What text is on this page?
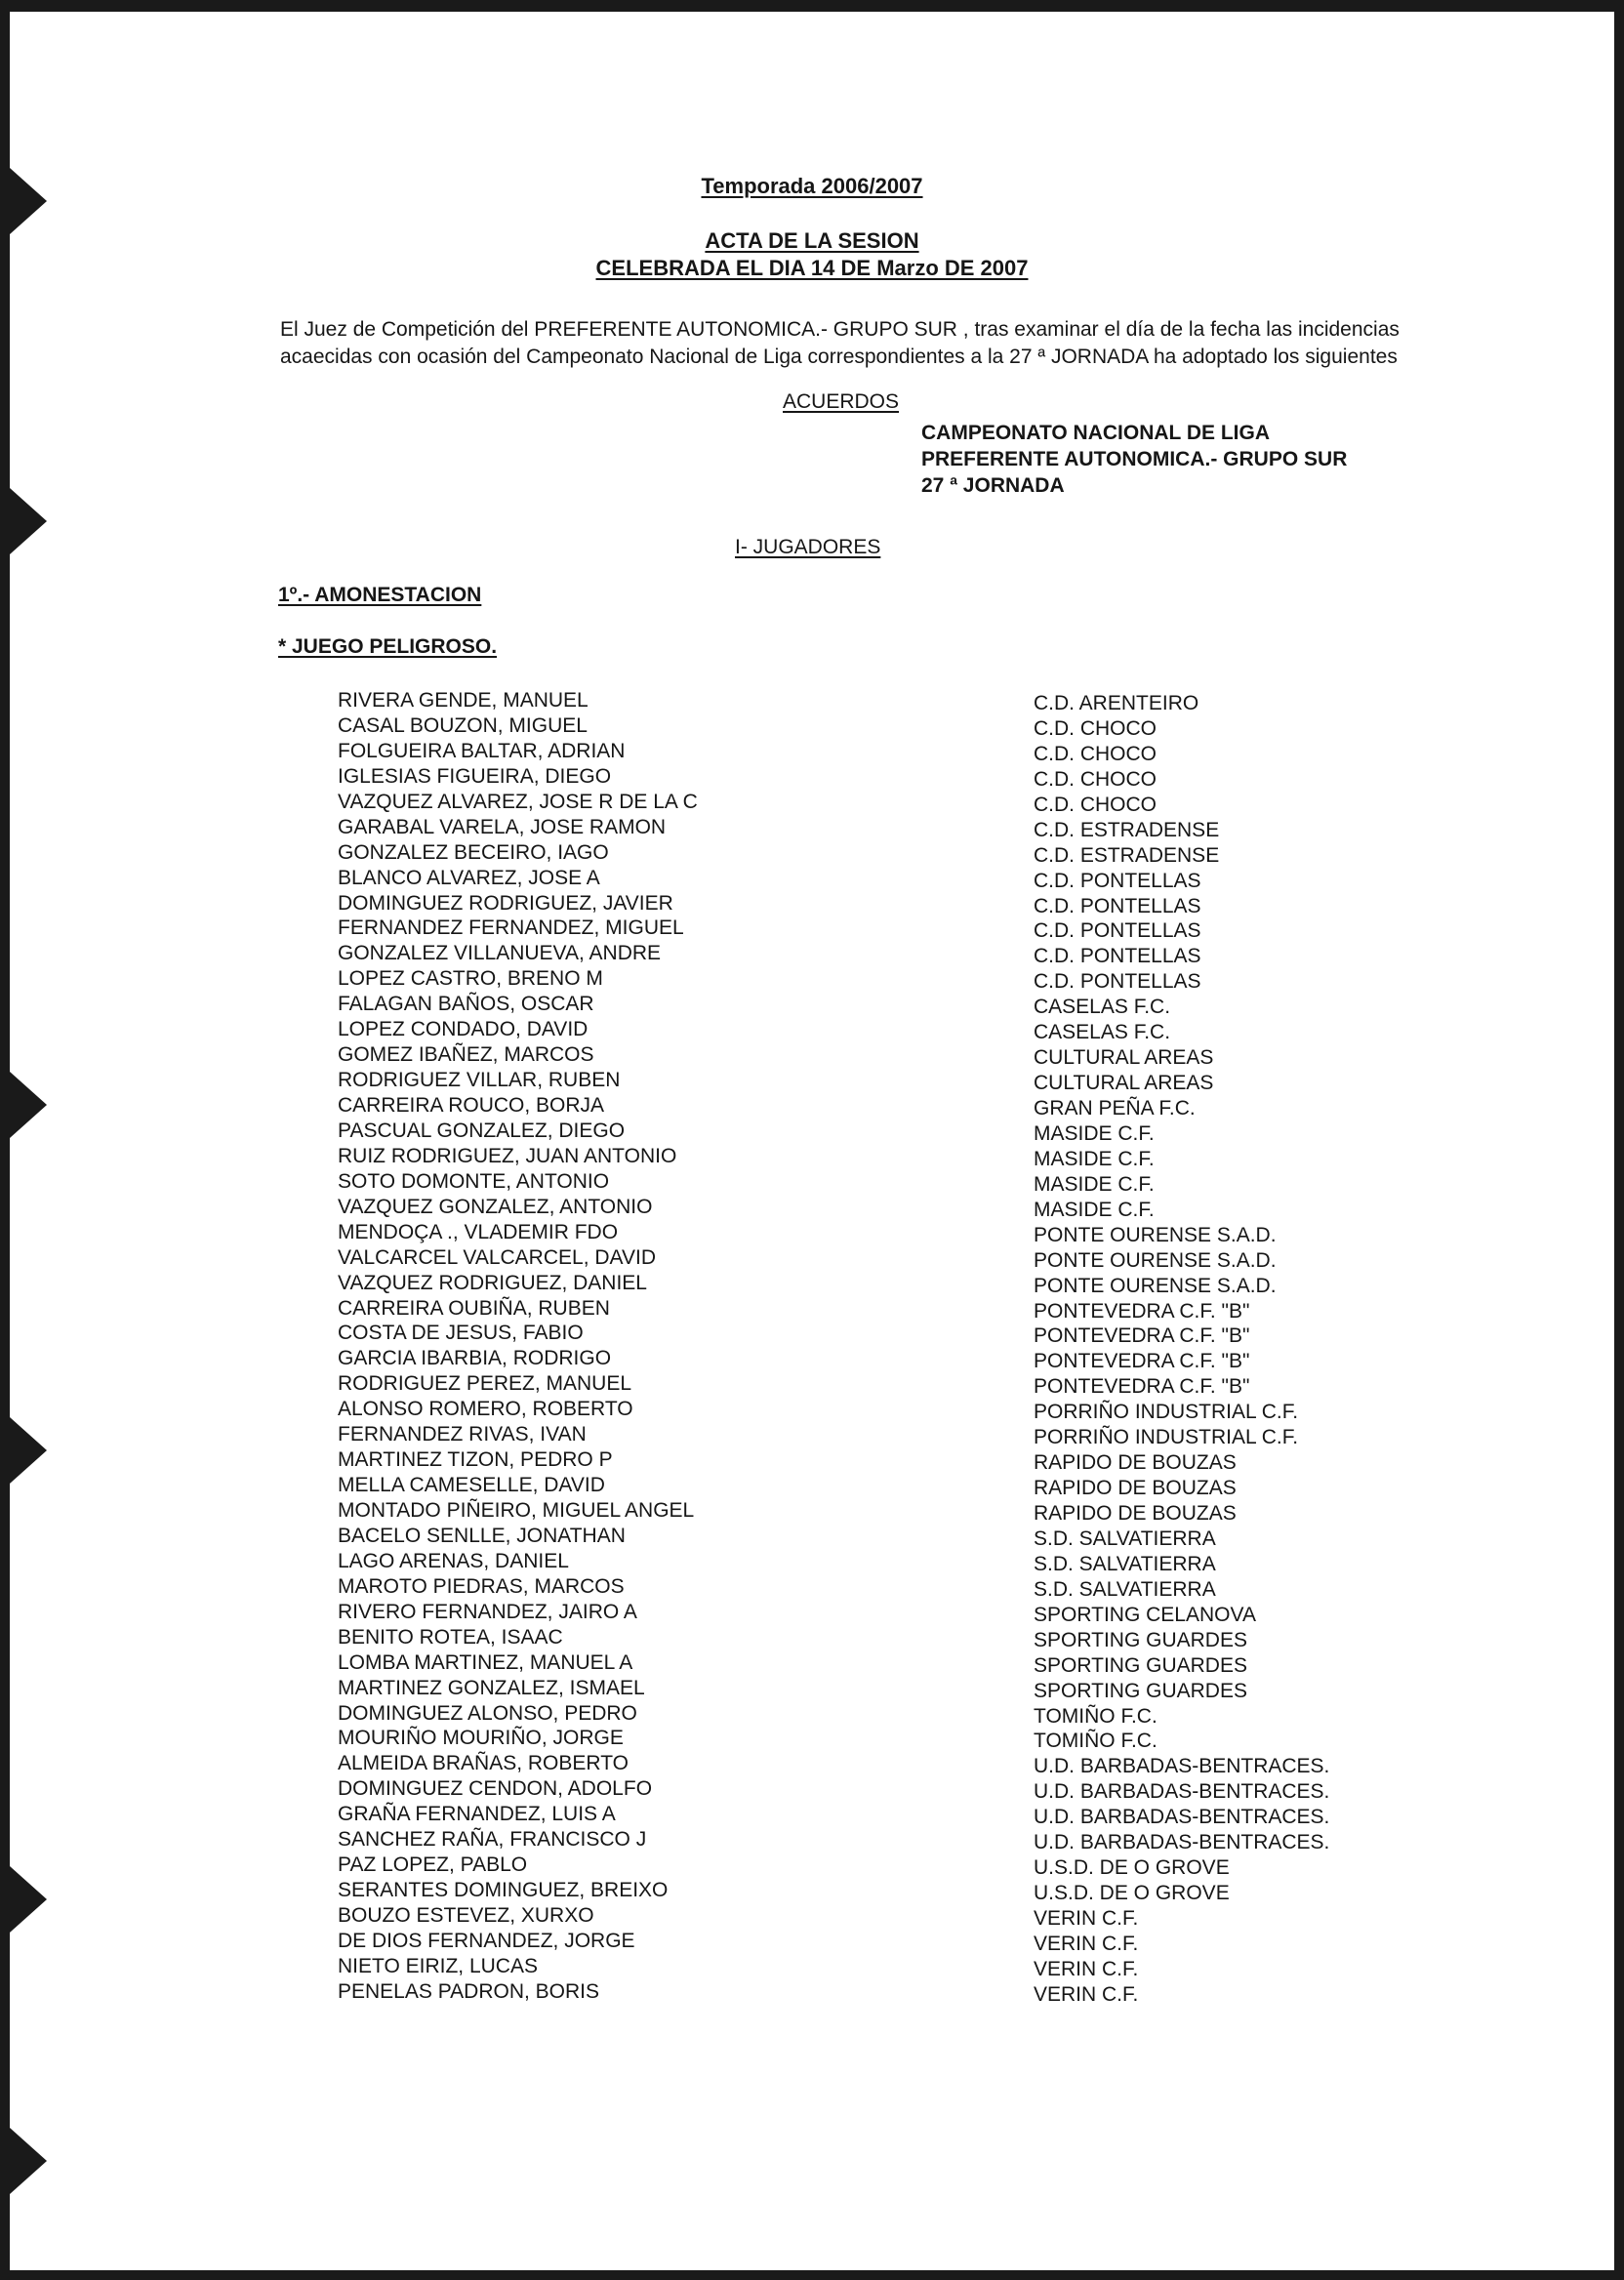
Temporada 2006/2007
ACTA DE LA SESION
CELEBRADA EL DIA 14 DE Marzo DE 2007
El Juez de Competición del PREFERENTE AUTONOMICA.- GRUPO SUR , tras examinar el día de la fecha las incidencias acaecidas con ocasión del Campeonato Nacional de Liga correspondientes a la 27 ª JORNADA ha adoptado los siguientes
ACUERDOS
CAMPEONATO NACIONAL DE LIGA
PREFERENTE AUTONOMICA.- GRUPO SUR
27 ª JORNADA
I- JUGADORES
1º.- AMONESTACION
* JUEGO PELIGROSO.
RIVERA GENDE, MANUEL	C.D. ARENTEIRO
CASAL BOUZON, MIGUEL	C.D. CHOCO
FOLGUEIRA BALTAR, ADRIAN	C.D. CHOCO
IGLESIAS FIGUEIRA, DIEGO	C.D. CHOCO
VAZQUEZ ALVAREZ, JOSE R DE LA C	C.D. CHOCO
GARABAL VARELA, JOSE RAMON	C.D. ESTRADENSE
GONZALEZ BECEIRO, IAGO	C.D. ESTRADENSE
BLANCO ALVAREZ, JOSE A	C.D. PONTELLAS
DOMINGUEZ RODRIGUEZ, JAVIER	C.D. PONTELLAS
FERNANDEZ FERNANDEZ, MIGUEL	C.D. PONTELLAS
GONZALEZ VILLANUEVA, ANDRE	C.D. PONTELLAS
LOPEZ CASTRO, BRENO M	C.D. PONTELLAS
FALAGAN BAÑOS, OSCAR	CASELAS F.C.
LOPEZ CONDADO, DAVID	CASELAS F.C.
GOMEZ IBAÑEZ, MARCOS	CULTURAL AREAS
RODRIGUEZ VILLAR, RUBEN	CULTURAL AREAS
CARREIRA ROUCO, BORJA	GRAN PEÑA F.C.
PASCUAL GONZALEZ, DIEGO	MASIDE C.F.
RUIZ RODRIGUEZ, JUAN ANTONIO	MASIDE C.F.
SOTO DOMONTE, ANTONIO	MASIDE C.F.
VAZQUEZ GONZALEZ, ANTONIO	MASIDE C.F.
MENDOÇA ., VLADEMIR FDO	PONTE OURENSE S.A.D.
VALCARCEL VALCARCEL, DAVID	PONTE OURENSE S.A.D.
VAZQUEZ RODRIGUEZ, DANIEL	PONTE OURENSE S.A.D.
CARREIRA OUBIÑA, RUBEN	PONTEVEDRA C.F. "B"
COSTA DE JESUS, FABIO	PONTEVEDRA C.F. "B"
GARCIA IBARBIA, RODRIGO	PONTEVEDRA C.F. "B"
RODRIGUEZ PEREZ, MANUEL	PONTEVEDRA C.F. "B"
ALONSO ROMERO, ROBERTO	PORRIÑO INDUSTRIAL C.F.
FERNANDEZ RIVAS, IVAN	PORRIÑO INDUSTRIAL C.F.
MARTINEZ TIZON, PEDRO P	RAPIDO DE BOUZAS
MELLA CAMESELLE, DAVID	RAPIDO DE BOUZAS
MONTADO PIÑEIRO, MIGUEL ANGEL	RAPIDO DE BOUZAS
BACELO SENLLE, JONATHAN	S.D. SALVATIERRA
LAGO ARENAS, DANIEL	S.D. SALVATIERRA
MAROTO PIEDRAS, MARCOS	S.D. SALVATIERRA
RIVERO FERNANDEZ, JAIRO A	SPORTING CELANOVA
BENITO ROTEA, ISAAC	SPORTING GUARDES
LOMBA MARTINEZ, MANUEL A	SPORTING GUARDES
MARTINEZ GONZALEZ, ISMAEL	SPORTING GUARDES
DOMINGUEZ ALONSO, PEDRO	TOMIÑO F.C.
MOURIÑO MOURIÑO, JORGE	TOMIÑO F.C.
ALMEIDA BRAÑAS, ROBERTO	U.D. BARBADAS-BENTRACES.
DOMINGUEZ CENDON, ADOLFO	U.D. BARBADAS-BENTRACES.
GRAÑA FERNANDEZ, LUIS A	U.D. BARBADAS-BENTRACES.
SANCHEZ RAÑA, FRANCISCO J	U.D. BARBADAS-BENTRACES.
PAZ LOPEZ, PABLO	U.S.D. DE O GROVE
SERANTES DOMINGUEZ, BREIXO	U.S.D. DE O GROVE
BOUZO ESTEVEZ, XURXO	VERIN C.F.
DE DIOS FERNANDEZ, JORGE	VERIN C.F.
NIETO EIRIZ, LUCAS	VERIN C.F.
PENELAS PADRON, BORIS	VERIN C.F.
